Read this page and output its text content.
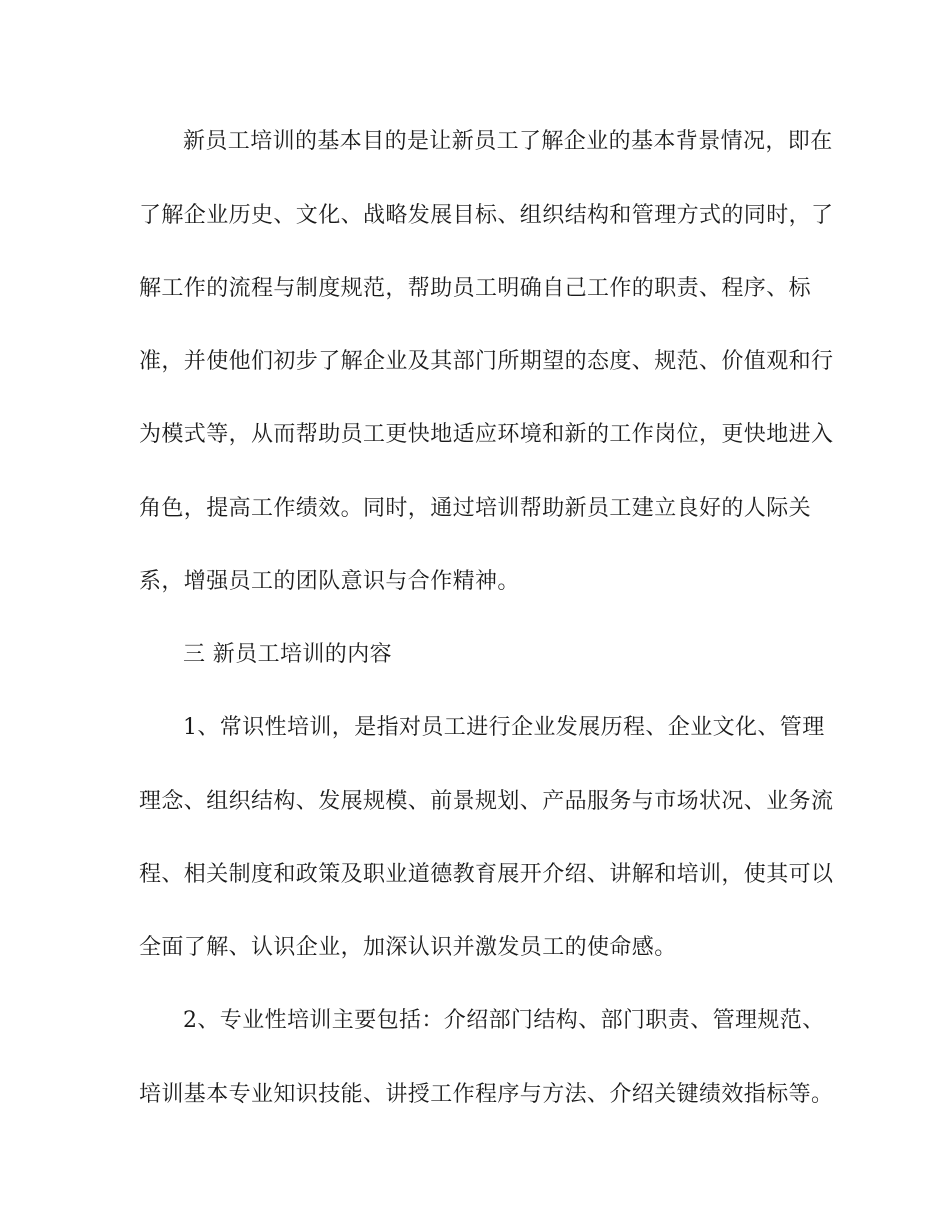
新员工培训的基本目的是让新员工了解企业的基本背景情况，即在
了解企业历史、文化、战略发展目标、组织结构和管理方式的同时，了
解工作的流程与制度规范，帮助员工明确自己工作的职责、程序、标
准，并使他们初步了解企业及其部门所期望的态度、规范、价值观和行
为模式等，从而帮助员工更快地适应环境和新的工作岗位，更快地进入
角色，提高工作绩效。同时，通过培训帮助新员工建立良好的人际关
系，增强员工的团队意识与合作精神。
三 新员工培训的内容
1、常识性培训，是指对员工进行企业发展历程、企业文化、管理
理念、组织结构、发展规模、前景规划、产品服务与市场状况、业务流
程、相关制度和政策及职业道德教育展开介绍、讲解和培训，使其可以
全面了解、认识企业，加深认识并激发员工的使命感。
2、专业性培训主要包括：介绍部门结构、部门职责、管理规范、
培训基本专业知识技能、讲授工作程序与方法、介绍关键绩效指标等。
